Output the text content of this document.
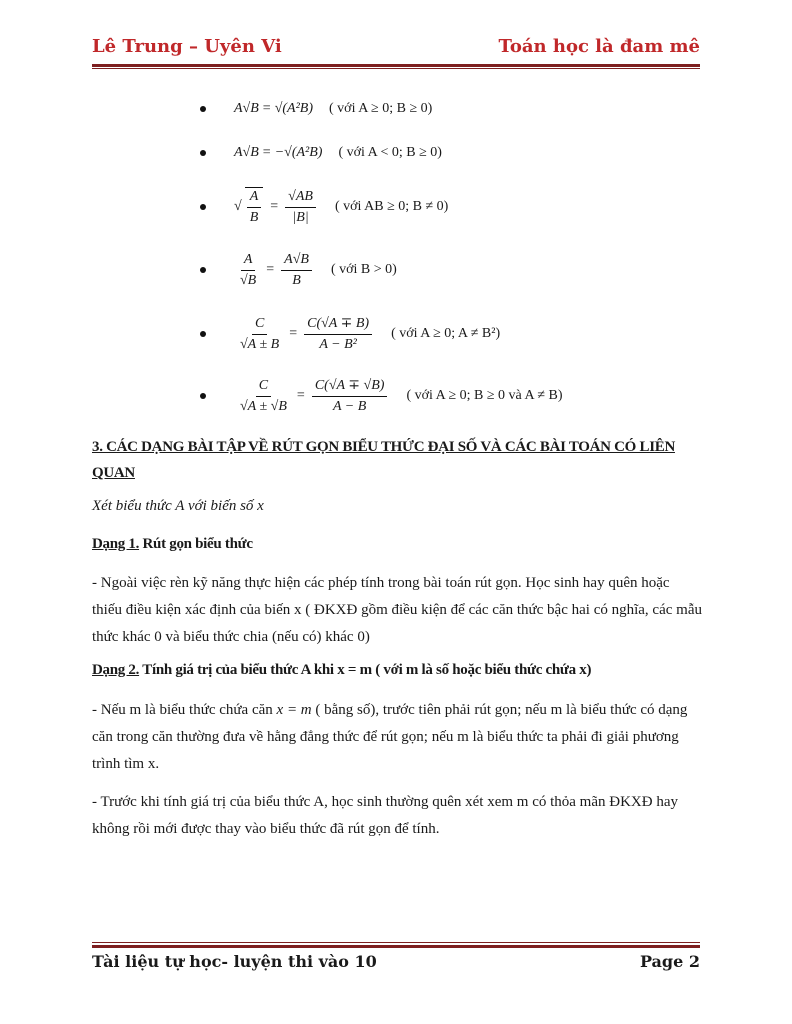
Lê Trung – Uyên Vi	Toán học là đam mê
A√B = √(A²B) ( với A ≥ 0; B ≥ 0)
A√B = −√(A²B) ( với A < 0; B ≥ 0)
√ $\frac{A}{B} = \frac{√AB}{|B|}$ ( với AB ≥ 0; B ≠ 0)
$\frac{A}{√B} = \frac{A√B}{B}$ ( với B > 0)
$\frac{C}{√A \pm B} = \frac{C(√A \mp B)}{\text{A − B²}}$ ( với A ≥ 0; A ≠ B²)
$\frac{C}{√A \pm √B} = \frac{C(√A \mp √B)}{A - B}$ ( với A ≥ 0; B ≥ 0 và A ≠ B)
3. CÁC DẠNG BÀI TẬP VỀ RÚT GỌN BIỂU THỨC ĐẠI SỐ VÀ CÁC BÀI TOÁN CÓ LIÊN QUAN
Xét biểu thức A với biến số x
Dạng 1. Rút gọn biểu thức
- Ngoài việc rèn kỹ năng thực hiện các phép tính trong bài toán rút gọn. Học sinh hay quên hoặc thiếu điều kiện xác định của biến x ( ĐKXĐ gồm điều kiện để các căn thức bậc hai có nghĩa, các mẫu thức khác 0 và biểu thức chia (nếu có) khác 0)
Dạng 2. Tính giá trị của biểu thức A khi x = m ( với m là số hoặc biểu thức chứa x)
- Nếu m là biểu thức chứa căn x = m ( bằng số), trước tiên phải rút gọn; nếu m là biểu thức có dạng căn trong căn thường đưa về hằng đẳng thức để rút gọn; nếu m là biểu thức ta phải đi giải phương trình tìm x.
- Trước khi tính giá trị của biểu thức A, học sinh thường quên xét xem m có thỏa mãn ĐKXĐ hay không rồi mới được thay vào biểu thức đã rút gọn để tính.
Tài liệu tự học- luyện thi vào 10	Page 2
